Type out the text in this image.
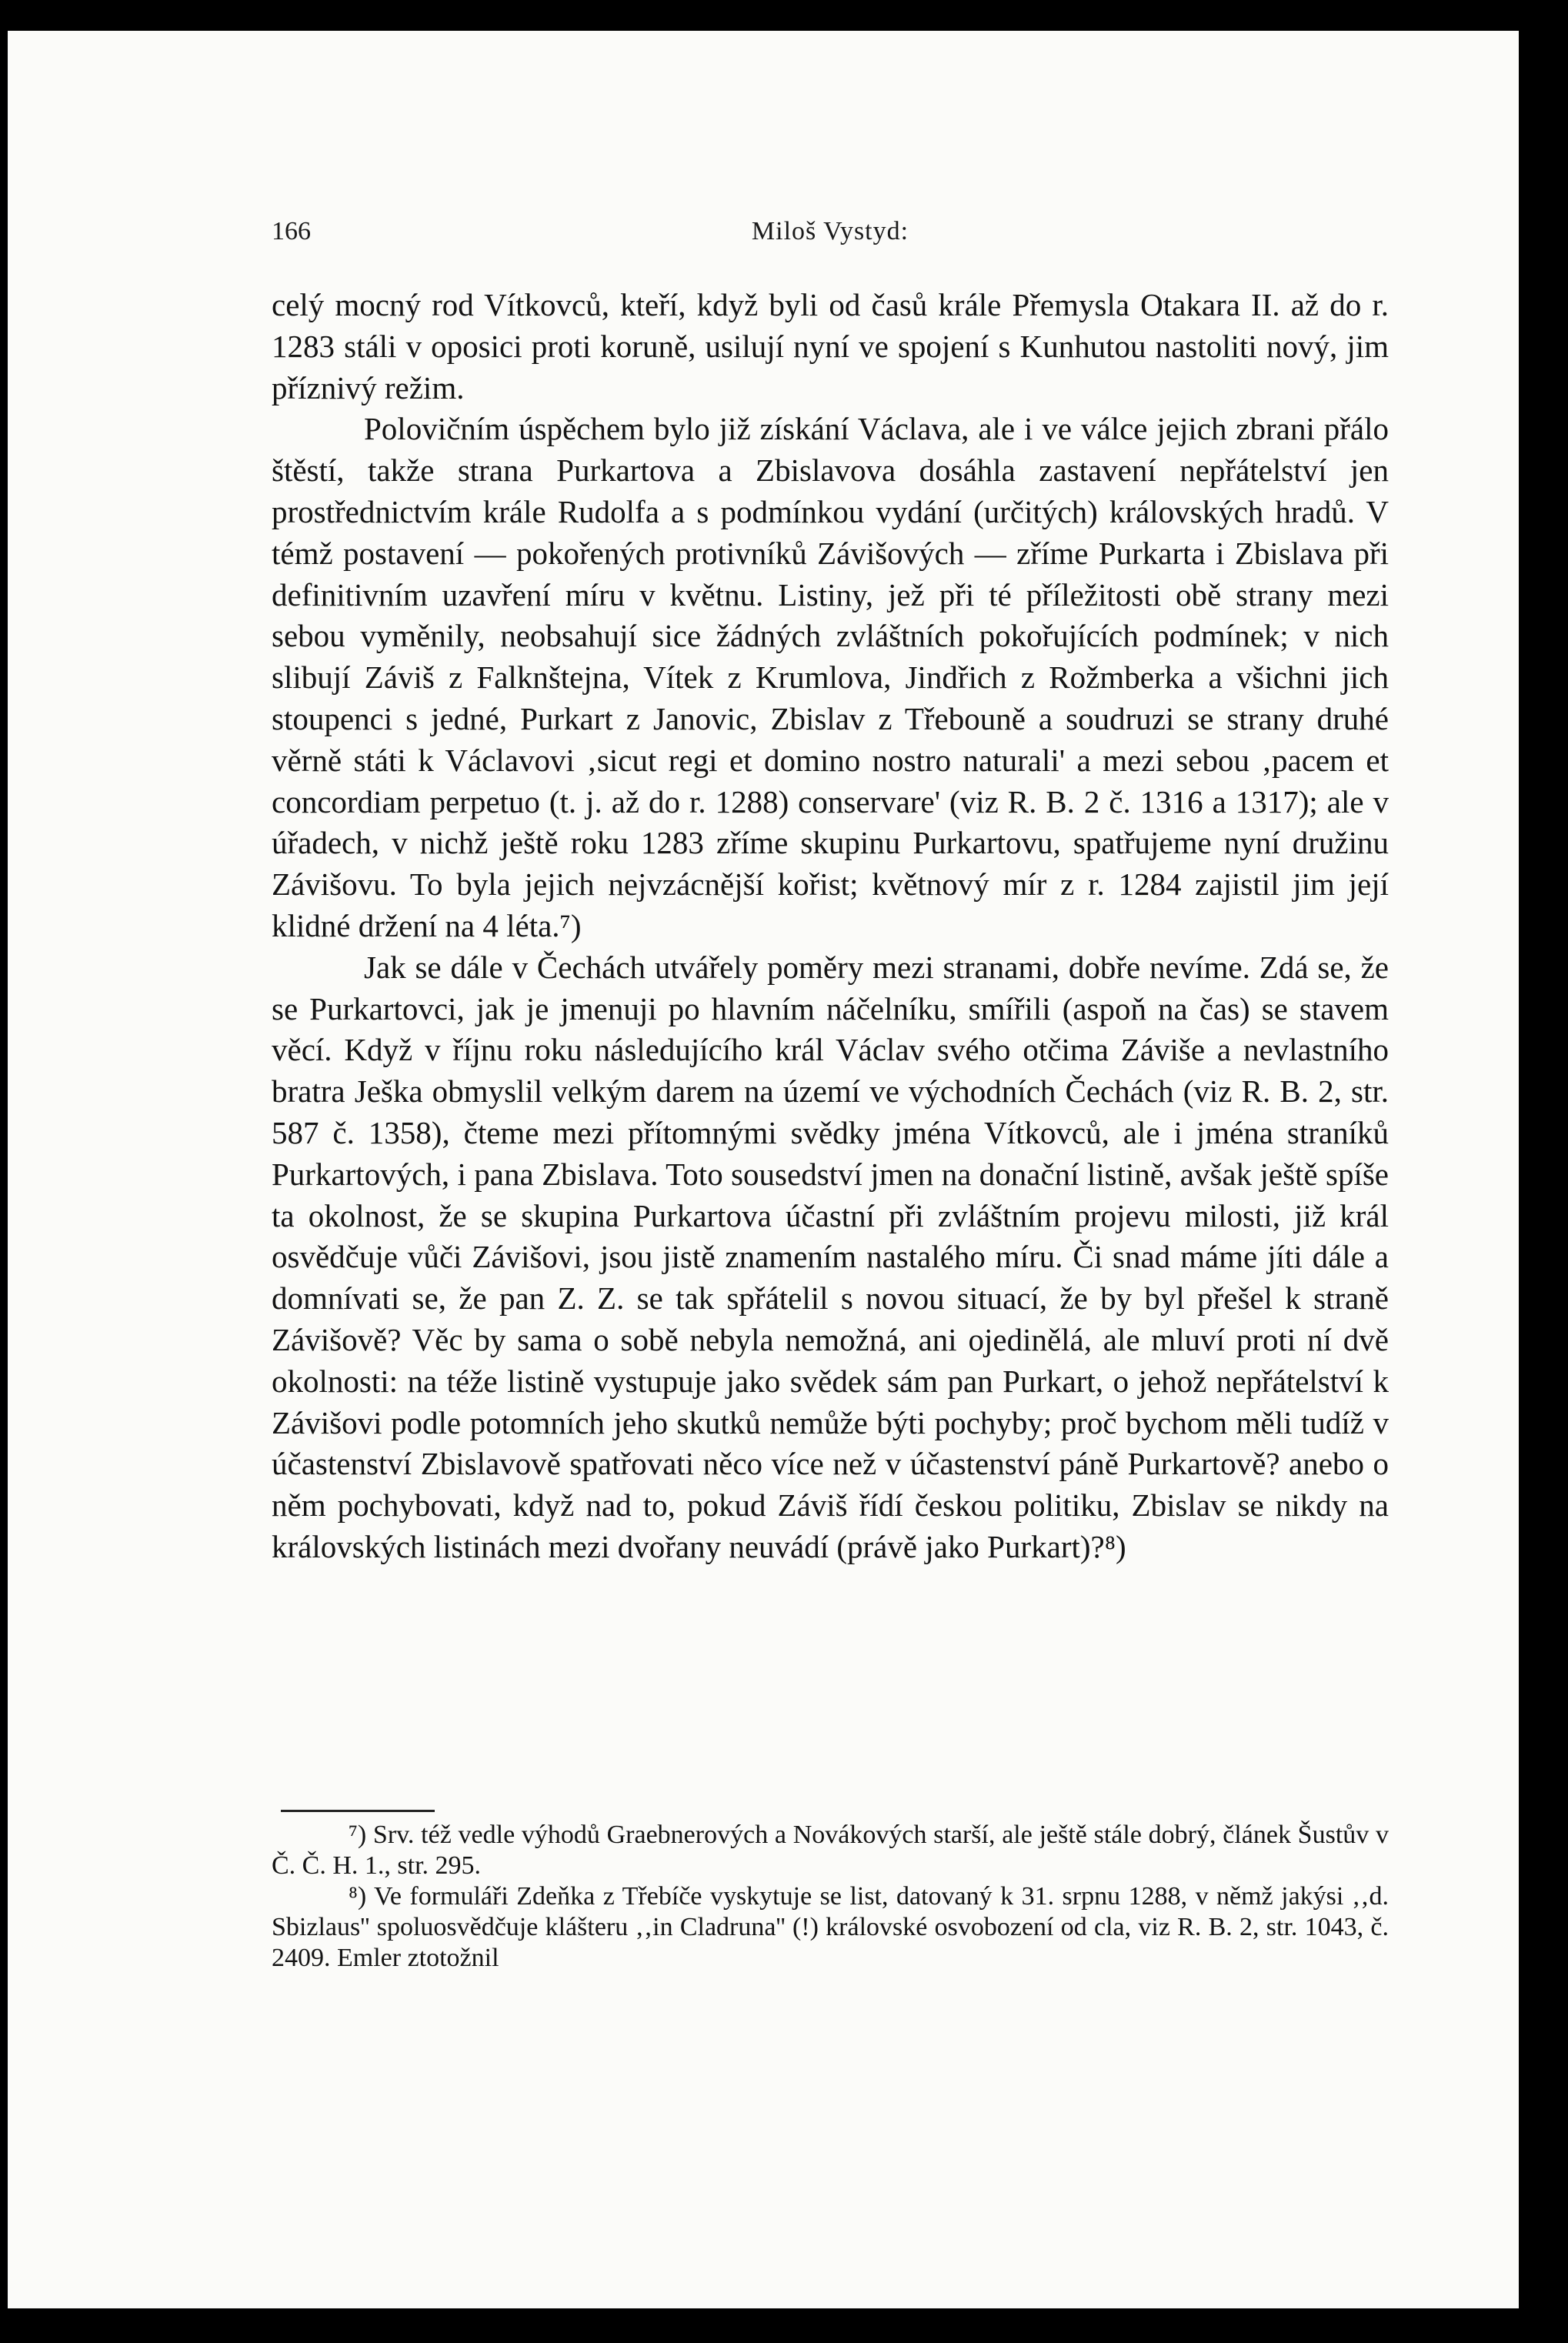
166	Miloš Vystyd:

celý mocný rod Vítkovců, kteří, když byli od časů krále Přemysla Otakara II. až do r. 1283 stáli v oposici proti koruně, usilují nyní ve spojení s Kunhutou nastoliti nový, jim příznivý režim.

Polovičním úspěchem bylo již získání Václava, ale i ve válce jejich zbrani přálo štěstí, takže strana Purkartova a Zbislavova dosáhla zastavení nepřátelství jen prostřednictvím krále Rudolfa a s podmínkou vydání (určitých) královských hradů. V témž postavení — pokořených protivníků Závišových — zříme Purkarta i Zbislava při definitivním uzavření míru v květnu. Listiny, jež při té příležitosti obě strany mezi sebou vyměnily, neobsahují sice žádných zvláštních pokořujících podmínek; v nich slibují Záviš z Falknštejna, Vítek z Krumlova, Jindřich z Rožmberka a všichni jich stoupenci s jedné, Purkart z Janovic, Zbislav z Třebouně a soudruzi se strany druhé věrně státi k Václavovi ‚sicut regi et domino nostro naturali' a mezi sebou ‚pacem et concordiam perpetuo (t. j. až do r. 1288) conservare' (viz R. B. 2 č. 1316 a 1317); ale v úřadech, v nichž ještě roku 1283 zříme skupinu Purkartovu, spatřujeme nyní družinu Závišovu. To byla jejich nejvzácnější kořist; květnový mír z r. 1284 zajistil jim její klidné držení na 4 léta.⁷)

Jak se dále v Čechách utvářely poměry mezi stranami, dobře nevíme. Zdá se, že se Purkartovci, jak je jmenuji po hlavním náčelníku, smířili (aspoň na čas) se stavem věcí. Když v říjnu roku následujícího král Václav svého otčima Záviše a nevlastního bratra Ješka obmyslil velkým darem na území ve východních Čechách (viz R. B. 2, str. 587 č. 1358), čteme mezi přítomnými svědky jména Vítkovců, ale i jména straníků Purkartových, i pana Zbislava. Toto sousedství jmen na donační listině, avšak ještě spíše ta okolnost, že se skupina Purkartova účastní při zvláštním projevu milosti, již král osvědčuje vůči Závišovi, jsou jistě znamením nastalého míru. Či snad máme jíti dále a domnívati se, že pan Z. Z. se tak spřátelil s novou situací, že by byl přešel k straně Závišově? Věc by sama o sobě nebyla nemožná, ani ojedinělá, ale mluví proti ní dvě okolnosti: na téže listině vystupuje jako svědek sám pan Purkart, o jehož nepřátelství k Závišovi podle potomních jeho skutků nemůže býti pochyby; proč bychom měli tudíž v účastenství Zbislavově spatřovati něco více než v účastenství páně Purkartově? anebo o něm pochybovati, když nad to, pokud Záviš řídí českou politiku, Zbislav se nikdy na královských listinách mezi dvořany neuvádí (právě jako Purkart)?⁸)

⁷) Srv. též vedle výhodů Graebnerových a Novákových starší, ale ještě stále dobrý, článek Šustův v Č. Č. H. 1., str. 295.

⁸) Ve formuláři Zdeňka z Třebíče vyskytuje se list, datovaný k 31. srpnu 1288, v němž jakýsi ‚‚d. Sbizlaus'' spoluosvědčuje klášteru ‚‚in Cladruna'' (!) královské osvobození od cla, viz R. B. 2, str. 1043, č. 2409. Emler ztotožnil
